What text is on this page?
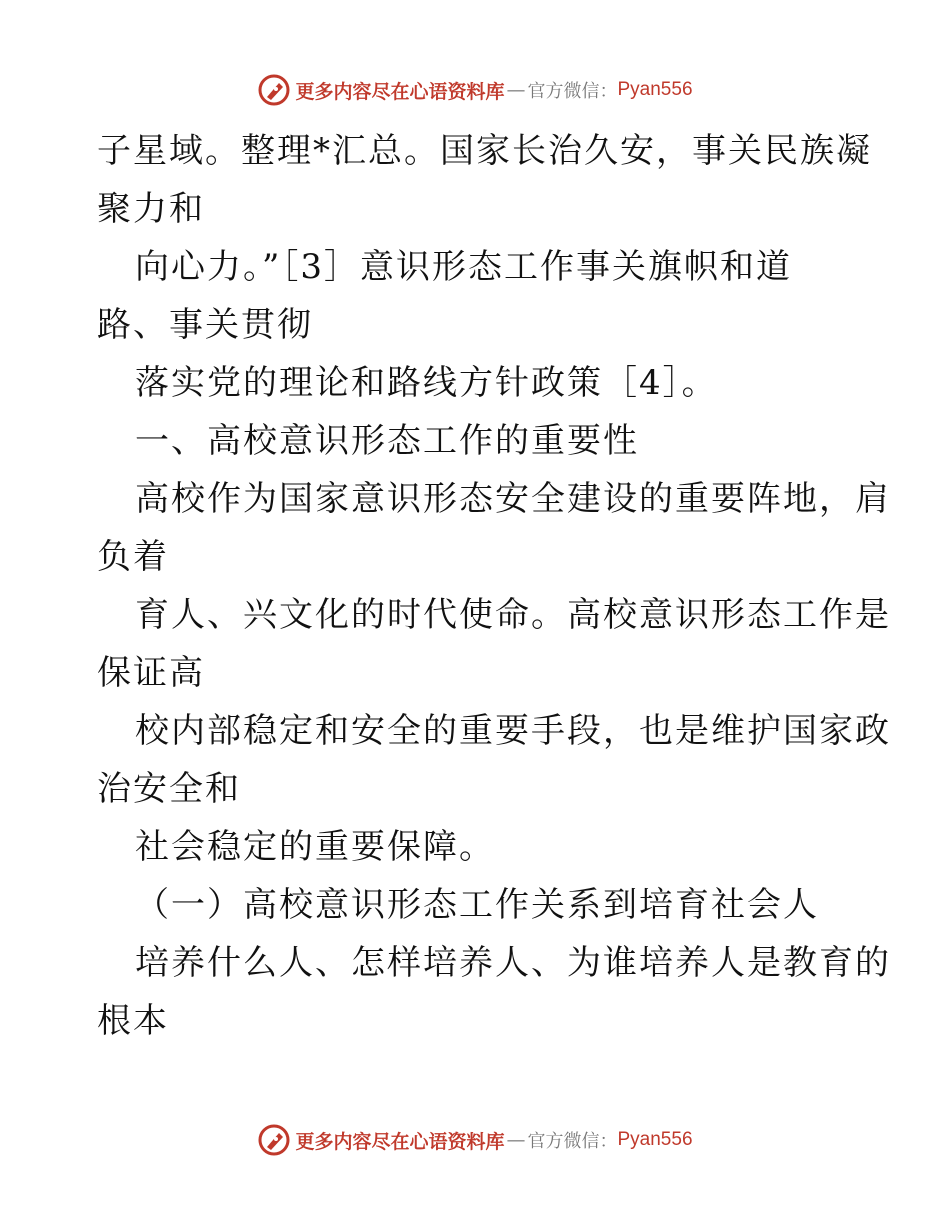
更多内容尽在心语资料库 — 官方微信： Pyan556
子星域。整理*汇总。国家长治久安，事关民族凝
聚力和
向心力。”［3］意识形态工作事关旗帜和道
路、事关贯彻
落实党的理论和路线方针政策［4］。
一、高校意识形态工作的重要性
高校作为国家意识形态安全建设的重要阵地，肩
负着
育人、兴文化的时代使命。高校意识形态工作是
保证高
校内部稳定和安全的重要手段，也是维护国家政
治安全和
社会稳定的重要保障。
（一）高校意识形态工作关系到培育社会人
培养什么人、怎样培养人、为谁培养人是教育的
根本
更多内容尽在心语资料库 — 官方微信： Pyan556
